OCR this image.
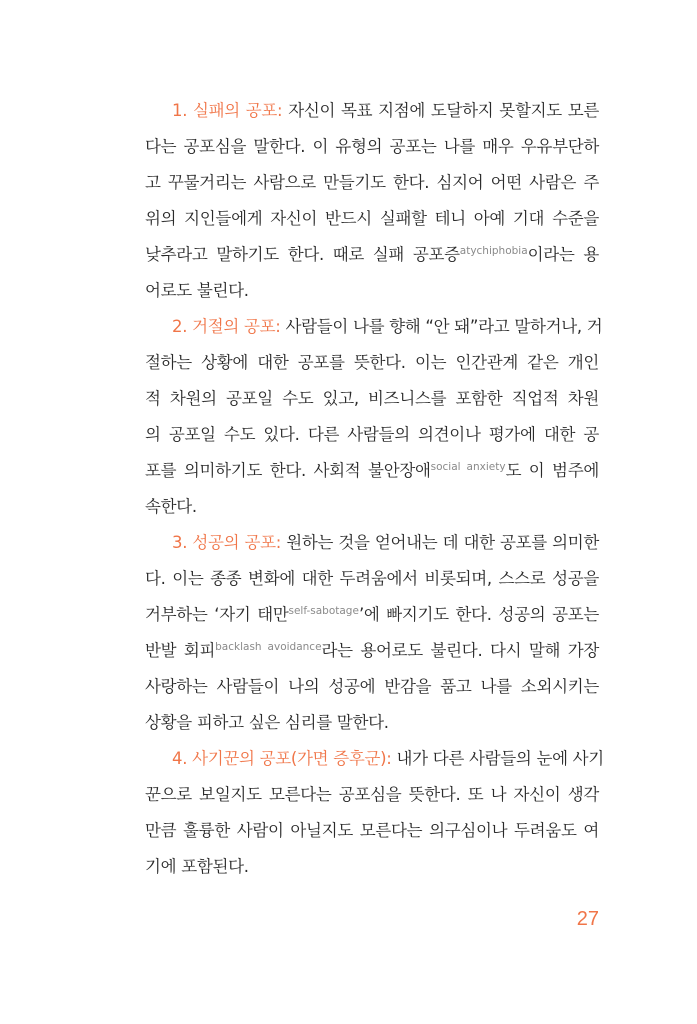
1. 실패의 공포: 자신이 목표 지점에 도달하지 못할지도 모른
다는 공포심을 말한다. 이 유형의 공포는 나를 매우 우유부단하
고 꾸물거리는 사람으로 만들기도 한다. 심지어 어떤 사람은 주
위의 지인들에게 자신이 반드시 실패할 테니 아예 기대 수준을
낮추라고 말하기도 한다. 때로 실패 공포증$^{atychiphobia}$이라는 용
어로도 불린다.
2. 거절의 공포: 사람들이 나를 향해 “안 돼”라고 말하거나, 거
절하는 상황에 대한 공포를 뜻한다. 이는 인간관계 같은 개인
적 차원의 공포일 수도 있고, 비즈니스를 포함한 직업적 차원
의 공포일 수도 있다. 다른 사람들의 의견이나 평가에 대한 공
포를 의미하기도 한다. 사회적 불안장애$^{social anxiety}$도 이 범주에
속한다.
3. 성공의 공포: 원하는 것을 얻어내는 데 대한 공포를 의미한
다. 이는 종종 변화에 대한 두려움에서 비롯되며, 스스로 성공을
거부하는 ‘자기 태만$^{self-sabotage}$’에 빠지기도 한다. 성공의 공포는
반발 회피$^{backlash avoidance}$라는 용어로도 불린다. 다시 말해 가장
사랑하는 사람들이 나의 성공에 반감을 품고 나를 소외시키는
상황을 피하고 싶은 심리를 말한다.
4. 사기꾼의 공포(가면 증후군): 내가 다른 사람들의 눈에 사기
꾼으로 보일지도 모른다는 공포심을 뜻한다. 또 나 자신이 생각
만큼 훌륭한 사람이 아닐지도 모른다는 의구심이나 두려움도 여
기에 포함된다.
27
